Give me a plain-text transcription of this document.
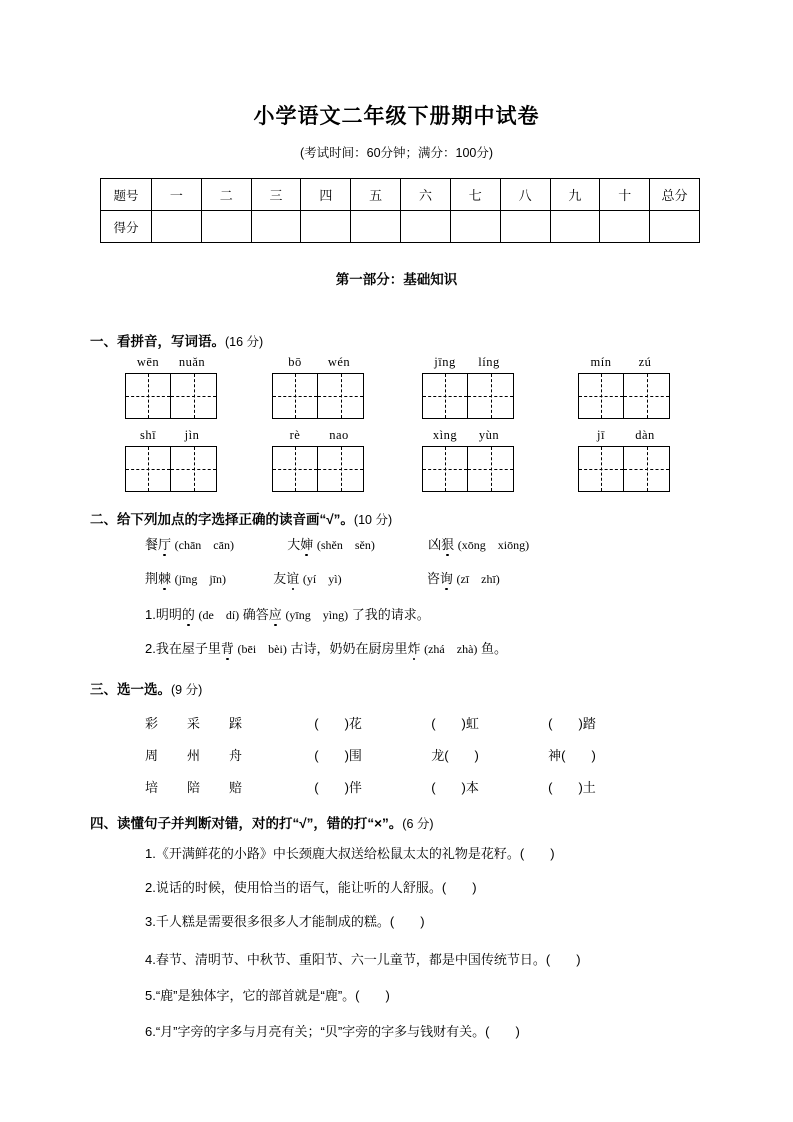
小学语文二年级下册期中试卷
(考试时间：60分钟；满分：100分)
题号	一	二	三	四	五	六	七	八	九	十	总分
得分											
第一部分：基础知识
一、看拼音，写词语。(16 分)
wēn nuǎn	bō wén	jīng líng	mín zú
shī jìn	rè nao	xìng yùn	jī dàn
二、给下列加点的字选择正确的读音画“√”。(10 分)
餐厅 (chān　cān)	大婶 (shěn　sěn)	凶狠 (xōng　xiōng)
荆棘 (jīng　jīn)	友谊 (yí　yì)	咨询 (zī　zhī)
1.明明的 (de　dí) 确答应 (yīng　yìng) 了我的请求。
2.我在屋子里背 (bēi　bèi) 古诗，奶奶在厨房里炸 (zhá　zhà) 鱼。
三、选一选。(9 分)
彩 采 踩	(　　)花	(　　)虹	(　　)踏
周 州 舟	(　　)围	龙(　　)	神(　　)
培 陪 赔	(　　)伴	(　　)本	(　　)土
四、读懂句子并判断对错，对的打“√”，错的打“×”。(6 分)
1.《开满鲜花的小路》中长颈鹿大叔送给松鼠太太的礼物是花籽。(　　)
2.说话的时候，使用恰当的语气，能让听的人舒服。(　　)
3.千人糕是需要很多很多人才能制成的糕。(　　)
4.春节、清明节、中秋节、重阳节、六一儿童节，都是中国传统节日。(　　)
5.“鹿”是独体字，它的部首就是“鹿”。(　　)
6.“月”字旁的字多与月亮有关；“贝”字旁的字多与钱财有关。(　　)
